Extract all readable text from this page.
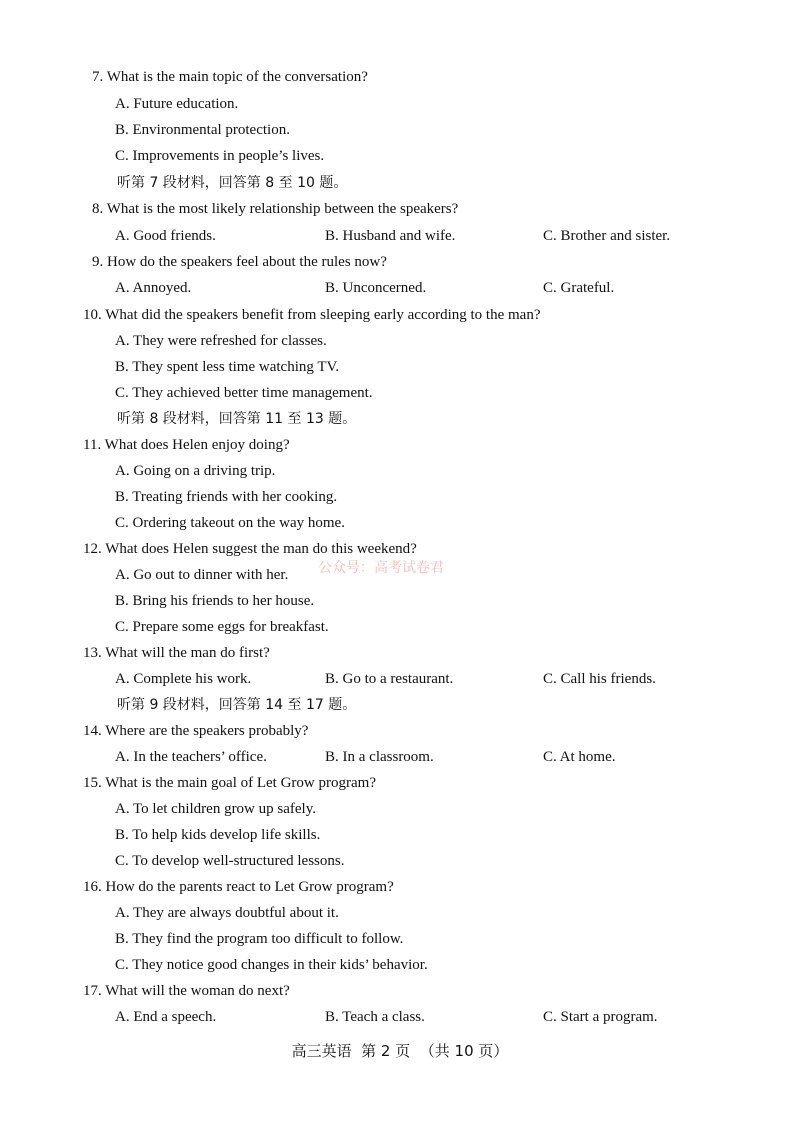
7. What is the main topic of the conversation?
A. Future education.
B. Environmental protection.
C. Improvements in people’s lives.
听第 7 段材料，回答第 8 至 10 题。
8. What is the most likely relationship between the speakers?
A. Good friends.	B. Husband and wife.	C. Brother and sister.
9. How do the speakers feel about the rules now?
A. Annoyed.	B. Unconcerned.	C. Grateful.
10. What did the speakers benefit from sleeping early according to the man?
A. They were refreshed for classes.
B. They spent less time watching TV.
C. They achieved better time management.
听第 8 段材料，回答第 11 至 13 题。
11. What does Helen enjoy doing?
A. Going on a driving trip.
B. Treating friends with her cooking.
C. Ordering takeout on the way home.
12. What does Helen suggest the man do this weekend?
A. Go out to dinner with her.
B. Bring his friends to her house.
C. Prepare some eggs for breakfast.
13. What will the man do first?
A. Complete his work.	B. Go to a restaurant.	C. Call his friends.
听第 9 段材料，回答第 14 至 17 题。
14. Where are the speakers probably?
A. In the teachers’ office.	B. In a classroom.	C. At home.
15. What is the main goal of Let Grow program?
A. To let children grow up safely.
B. To help kids develop life skills.
C. To develop well-structured lessons.
16. How do the parents react to Let Grow program?
A. They are always doubtful about it.
B. They find the program too difficult to follow.
C. They notice good changes in their kids’ behavior.
17. What will the woman do next?
A. End a speech.	B. Teach a class.	C. Start a program.
公众号：高考试卷君
高三英语  第 2 页  （共 10 页）
